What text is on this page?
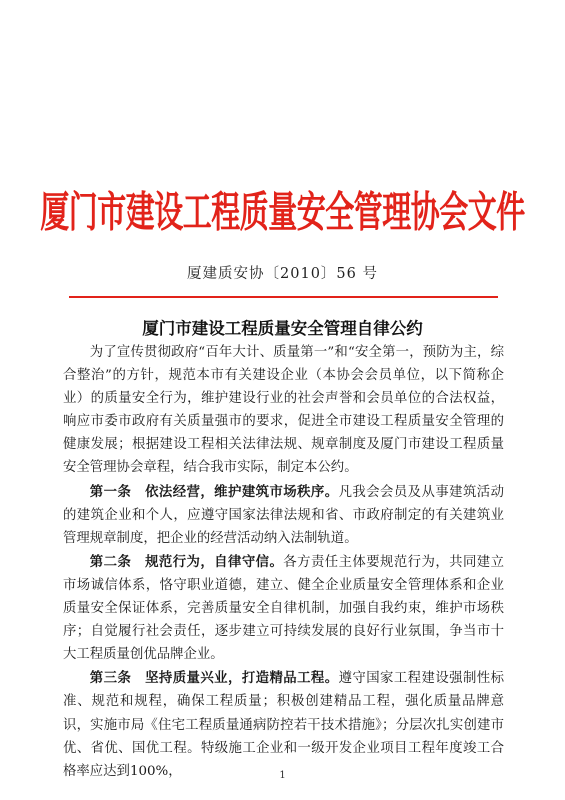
厦门市建设工程质量安全管理协会文件
厦建质安协〔2010〕56 号
厦门市建设工程质量安全管理自律公约

为了宣传贯彻政府“百年大计、质量第一”和“安全第一，预防为主，综合整治”的方针，规范本市有关建设企业（本协会会员单位，以下简称企业）的质量安全行为，维护建设行业的社会声誉和会员单位的合法权益，响应市委市政府有关质量强市的要求，促进全市建设工程质量安全管理的健康发展；根据建设工程相关法律法规、规章制度及厦门市建设工程质量安全管理协会章程，结合我市实际，制定本公约。

第一条　依法经营，维护建筑市场秩序。凡我会会员及从事建筑活动的建筑企业和个人，应遵守国家法律法规和省、市政府制定的有关建筑业管理规章制度，把企业的经营活动纳入法制轨道。

第二条　规范行为，自律守信。各方责任主体要规范行为，共同建立市场诚信体系，恪守职业道德，建立、健全企业质量安全管理体系和企业质量安全保证体系，完善质量安全自律机制，加强自我约束，维护市场秩序；自觉履行社会责任，逐步建立可持续发展的良好行业氛围，争当市十大工程质量创优品牌企业。

第三条　坚持质量兴业，打造精品工程。遵守国家工程建设强制性标准、规范和规程，确保工程质量；积极创建精品工程，强化质量品牌意识，实施市局《住宅工程质量通病防控若干技术措施》；分层次扎实创建市优、省优、国优工程。特级施工企业和一级开发企业项目工程年度竣工合格率应达到100%，	1
